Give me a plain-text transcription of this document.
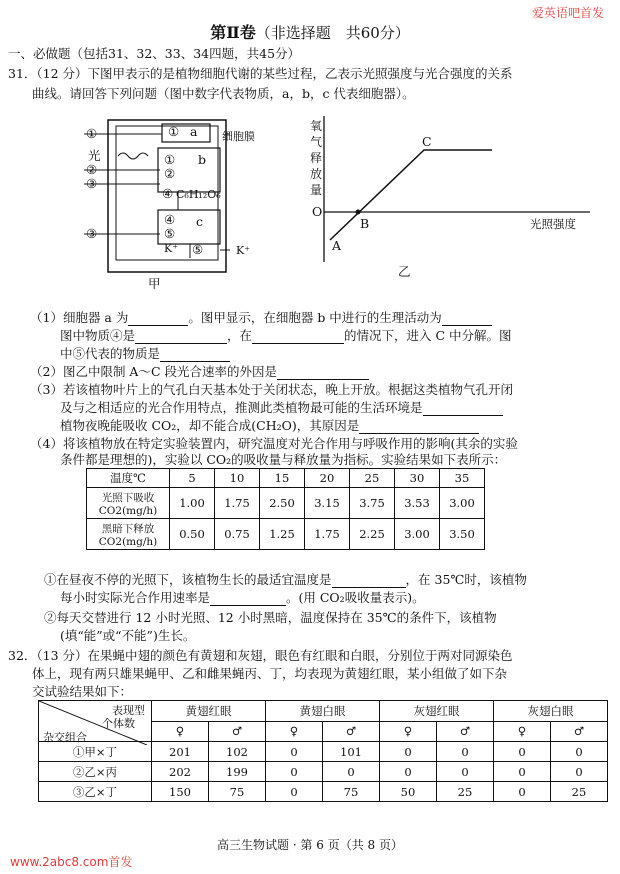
爱英语吧首发
第Ⅱ卷（非选择题　共60分）
一、必做题（包括31、32、33、34四题，共45分）
31．（12 分）下图甲表示的是植物细胞代谢的某些过程，乙表示光照强度与光合强度的关系
曲线。请回答下列问题（图中数字代表物质，a，b，c 代表细胞器）。
①
光
②
③
③
① a 细胞膜
①
②
b
④ C₆H₁₂O₆
④
⑤
c
K⁺ ⑤	K⁺
甲
氧气释放量
O
A
B
C
光照强度
乙
（1）细胞器 a 为	。图甲显示，在细胞器 b 中进行的生理活动为
图中物质④是	，在	的情况下，进入 C 中分解。图
中⑤代表的物质是
（2）图乙中限制 A～C 段光合速率的外因是
（3）若该植物叶片上的气孔白天基本处于关闭状态，晚上开放。根据这类植物气孔开闭
及与之相适应的光合作用特点，推测此类植物最可能的生活环境是
植物夜晚能吸收 CO₂，却不能合成(CH₂O)，其原因是
（4）将该植物放在特定实验装置内，研究温度对光合作用与呼吸作用的影响(其余的实验
条件都是理想的)，实验以 CO₂的吸收量与释放量为指标。实验结果如下表所示：
温度℃	5	10	15	20	25	30	35
光照下吸收
CO2(mg/h)	1.00	1.75	2.50	3.15	3.75	3.53	3.00
黑暗下释放
CO2(mg/h)	0.50	0.75	1.25	1.75	2.25	3.00	3.50
①在昼夜不停的光照下，该植物生长的最适宜温度是	，在 35℃时，该植物
每小时实际光合作用速率是	。(用 CO₂吸收量表示)。
②每天交替进行 12 小时光照、12 小时黑暗，温度保持在 35℃的条件下，该植物
(填“能”或“不能”)生长。
32．（13 分）在果蝇中翅的颜色有黄翅和灰翅，眼色有红眼和白眼，分别位于两对同源染色
体上，现有两只雄果蝇甲、乙和雌果蝇丙、丁，均表现为黄翅红眼，某小组做了如下杂
交试验结果如下：
表现型
个体数
杂交组合	黄翅红眼		黄翅白眼		灰翅红眼		灰翅白眼	
	♀	♂	♀	♂	♀	♂	♀	♂
①甲×丁	201	102	0	101	0	0	0	0
②乙×丙	202	199	0	0	0	0	0	0
③乙×丁	150	75	0	75	50	25	0	25
高三生物试题 · 第 6 页（共 8 页）
www.2abc8.com首发
